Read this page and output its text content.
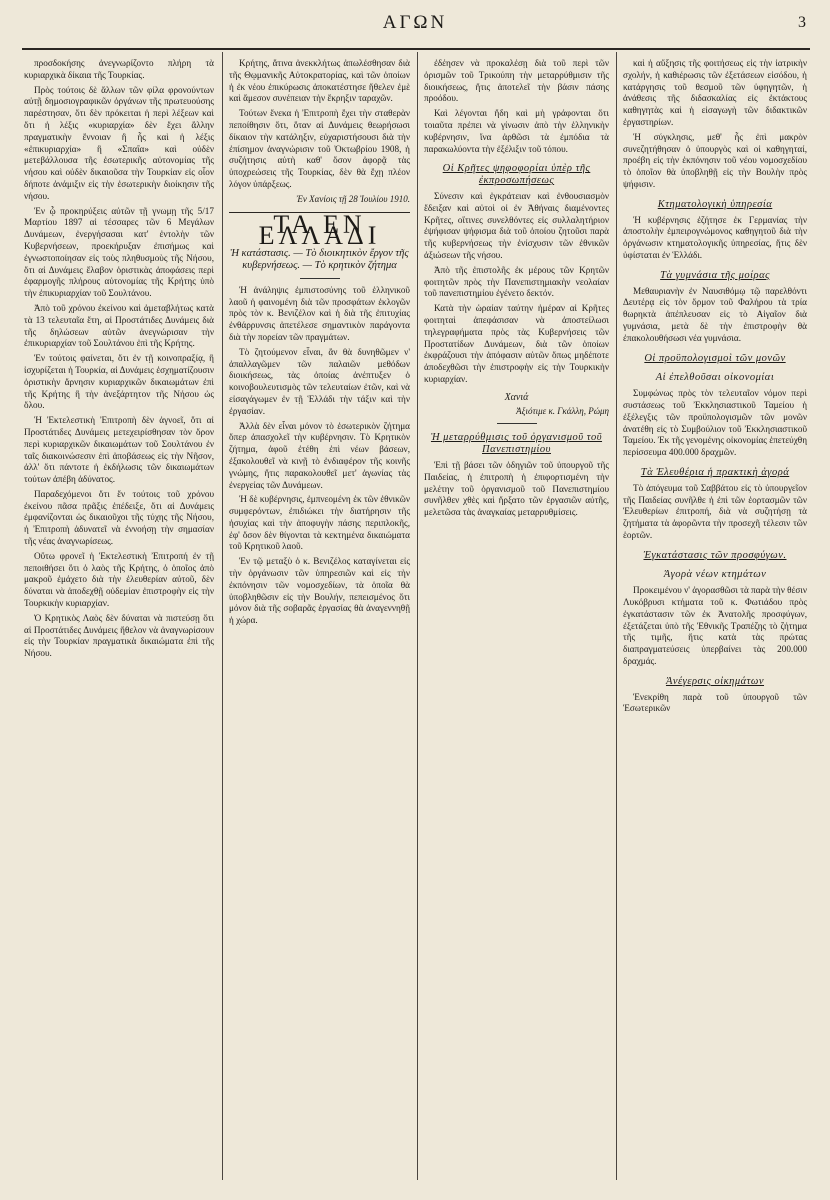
ΑΓΩΝ	3

προσδοκήσης ἀνεγνωρίζοντο πλήρη τὰ κυριαρχικὰ δίκαια τῆς Τουρκίας.

Πρὸς τούτοις δὲ ἄλλων τῶν φίλα φρονούντων αὐτῇ δημοσιογραφικῶν ὀργάνων τῆς πρωτευούσης παρέστησαν, ὅτι δὲν πρόκειται ἡ περὶ λέξεων καὶ ὅτι ἡ λέξις «κυριαρχία» δὲν ἔχει ἄλλην πραγματικὴν ἔννοιαν ἢ ἧς καὶ ἡ λέξις «ἐπικυριαρχία» ἢ «Σπαΐα» καὶ οὐδὲν μετεβάλλουσα τῆς ἐσωτερικῆς αὐτονομίας τῆς νήσου καὶ οὐδὲν δικαιοῦσα τὴν Τουρκίαν εἰς οἷον δήποτε ἀνάμιξιν εἰς τὴν ἐσωτερικὴν διοίκησιν τῆς νήσου.

Ἐν ᾧ προκηρύξεις αὐτῶν τῇ γνωμῃ τῆς 5/17 Μαρτίου 1897 αἱ τέσσαρες τῶν 6 Μεγάλων Δυνάμεων, ἐνεργήσασαι κατ' ἐντολὴν τῶν Κυβερνήσεων, προεκήρυξαν ἐπισήμως καὶ ἐγνωστοποίησαν εἰς τοὺς πληθυσμοὺς τῆς Νήσου, ὅτι αἱ Δυνάμεις ἔλαβον ὁριστικὰς ἀποφάσεις περὶ ἐφαρμογῆς πλήρους αὐτονομίας τῆς Κρήτης ὑπὸ τὴν ἐπικυριαρχίαν τοῦ Σουλτάνου.

Ἀπὸ τοῦ χρόνου ἐκείνου καὶ ἀμεταβλήτως κατὰ τὰ 13 τελευταῖα ἔτη, αἱ Προστάτιδες Δυνάμεις διὰ τῆς δηλώσεων αὐτῶν ἀνεγνώρισαν τὴν ἐπικυριαρχίαν τοῦ Σουλτάνου ἐπὶ τῆς Κρήτης.

Ἐν τούτοις φαίνεται, ὅτι ἐν τῇ κοινοπραξίᾳ, ἢ ἰσχυρίζεται ἡ Τουρκία, αἱ Δυνάμεις ἐσχηματίζουσιν ὁριστικὴν ἄρνησιν κυριαρχικῶν δικαιωμάτων ἐπὶ τῆς Κρήτης ἢ τὴν ἀνεξάρτητον τῆς Νήσου ὡς ὅλου.

Ἡ Ἐκτελεστικὴ Ἐπιτροπὴ δὲν ἀγνοεῖ, ὅτι αἱ Προστάτιδες Δυνάμεις μετεχειρίσθησαν τὸν ὅρον περὶ κυριαρχικῶν δικαιωμάτων τοῦ Σουλτάνου ἐν ταῖς διακοινώσεσιν ἐπὶ ἀποβάσεως εἰς τὴν Νῆσον, ἀλλ' ὅτι πάντοτε ἡ ἐκδήλωσις τῶν δικαιωμάτων τούτων ἀπέβη ἀδύνατος.

Παραδεχόμενοι ὅτι ἔν τούτοις τοῦ χρόνου ἐκείνου πᾶσα πρᾶξις ἐπέδειξε, ὅτι αἱ Δυνάμεις ἐμφανίζονται ὡς δικαιοῦχοι τῆς τύχης τῆς Νήσου, ἡ Ἐπιτροπὴ ἀδυνατεῖ νὰ ἐννοήσῃ τὴν σημασίαν τῆς νέας ἀναγνωρίσεως.

Οὕτω φρονεῖ ἡ Ἐκτελεστικὴ Ἐπιτροπή ἐν τῇ πεποιθήσει ὅτι ὁ λαὸς τῆς Κρήτης, ὁ ὁποῖος ἀπὸ μακροῦ ἐμάχετο διὰ τὴν ἐλευθερίαν αὐτοῦ, δὲν δύναται νὰ ἀποδεχθῇ οὐδεμίαν ἐπιστροφὴν εἰς τὴν Τουρκικὴν κυριαρχίαν.

Ὁ Κρητικὸς Λαὸς δὲν δύναται νὰ πιστεύσῃ ὅτι αἱ Προστάτιδες Δυνάμεις ἤθελον νὰ ἀναγνωρίσουν εἰς τὴν Τουρκίαν πραγματικὰ δικαιώματα ἐπὶ τῆς Νήσου.

Κρήτης, ἅτινα ἀνεκκλήτως ἀπωλέσθησαν διὰ τῆς Θῳμανικῆς Αὐτοκρατορίας, καὶ τῶν ὁποίων ἡ ἐκ νέου ἐπικύρωσις ἀποκατέστησε ἤθελεν ἐμὲ καὶ ἄμεσον συνέπειαν τὴν ἔκρηξιν ταραχῶν.

Τούτων ἕνεκα ἡ Ἐπιτροπὴ ἔχει τὴν σταθερὰν πεποίθησιν ὅτι, ὅταν αἱ Δυνάμεις θεωρήσωσι δίκαιον τὴν κατάληξιν, εὐχαριστήσουσι διὰ τὴν ἐπίσημον ἀναγνώρισιν τοῦ Ὀκτωβρίου 1908, ἡ συζήτησις αὐτὴ καθ' ὅσον ἀφορᾷ τὰς ὑποχρεώσεις τῆς Τουρκίας, δὲν θὰ ἔχῃ πλέον λόγον ὑπάρξεως.

Ἐν Χανίοις τῇ 28 Ἰουλίου 1910.
ΤΑ ΕΝ ΕΛΛΑΔΙ
Ἡ κατάστασις. — Τὸ διοικητικὸν ἔργον τῆς κυβερνήσεως. — Τὸ κρητικὸν ζήτημα

Ἡ ἀνάληψις ἐμπιστοσύνης τοῦ ἑλληνικοῦ λαοῦ ἡ φαινομένη διὰ τῶν προσφάτων ἐκλογῶν πρὸς τὸν κ. Βενιζέλον καὶ ἡ διὰ τῆς ἐπιτυχίας ἐνθάρρυνσις ἀπετέλεσε σημαντικὸν παράγοντα διὰ τὴν πορείαν τῶν πραγμάτων.

Τὸ ζητούμενον εἶναι, ἂν θὰ δυνηθῶμεν ν' ἀπαλλαγῶμεν τῶν παλαιῶν μεθόδων διοικήσεως, τὰς ὁποίας ἀνέπτυξεν ὁ κοινοβουλευτισμὸς τῶν τελευταίων ἐτῶν, καὶ νὰ εἰσαγάγωμεν ἐν τῇ Ἑλλάδι τὴν τάξιν καὶ τὴν ἐργασίαν.

Ἀλλὰ δὲν εἶναι μόνον τὸ ἐσωτερικὸν ζήτημα ὅπερ ἀπασχολεῖ τὴν κυβέρνησιν. Τὸ Κρητικὸν ζήτημα, ἀφοῦ ἐτέθη ἐπὶ νέων βάσεων, ἐξακολουθεῖ νὰ κινῇ τὸ ἐνδιαφέρον τῆς κοινῆς γνώμης, ἥτις παρακολουθεῖ μετ' ἀγωνίας τὰς ἐνεργείας τῶν Δυνάμεων.

Ἡ δὲ κυβέρνησις, ἐμπνεομένη ἐκ τῶν ἐθνικῶν συμφερόντων, ἐπιδιώκει τὴν διατήρησιν τῆς ἡσυχίας καὶ τὴν ἀποφυγὴν πάσης περιπλοκῆς, ἐφ' ὅσον δὲν θίγονται τὰ κεκτημένα δικαιώματα τοῦ Κρητικοῦ λαοῦ.

Ἐν τῷ μεταξὺ ὁ κ. Βενιζέλος καταγίνεται εἰς τὴν ὀργάνωσιν τῶν ὑπηρεσιῶν καὶ εἰς τὴν ἐκπόνησιν τῶν νομοσχεδίων, τὰ ὁποῖα θὰ ὑποβληθῶσιν εἰς τὴν Βουλήν, πεπεισμένος ὅτι μόνον διὰ τῆς σοβαρᾶς ἐργασίας θὰ ἀναγεννηθῇ ἡ χώρα.

ἐδέησεν νὰ προκαλέσῃ διὰ τοῦ περὶ τῶν ὁρισμῶν τοῦ Τρικούπη τὴν μεταρρύθμισιν τῆς διοικήσεως, ἥτις ἀποτελεῖ τὴν βάσιν πάσης προόδου.

Καὶ λέγονται ἤδη καὶ μὴ γράφονται ὅτι τοιαῦτα πρέπει νὰ γίνωσιν ἀπὸ τὴν ἑλληνικὴν κυβέρνησιν, ἵνα ἀρθῶσι τὰ ἐμπόδια τὰ παρακωλύοντα τὴν ἐξέλιξιν τοῦ τόπου.

Οἱ Κρῆτες ψηφοφορίαι ὑπὲρ τῆς ἐκπροσωπήσεως

Σύνεσιν καὶ ἐγκράτειαν καὶ ἐνθουσιασμὸν ἔδειξαν καὶ αὐτοὶ οἱ ἐν Ἀθήναις διαμένοντες Κρῆτες, οἵτινες συνελθόντες εἰς συλλαλητήριον ἐψήφισαν ψήφισμα διὰ τοῦ ὁποίου ζητοῦσι παρὰ τῆς κυβερνήσεως τὴν ἐνίσχυσιν τῶν ἐθνικῶν ἀξιώσεων τῆς νήσου.

Ἀπὸ τῆς ἐπιστολῆς ἐκ μέρους τῶν Κρητῶν φοιτητῶν πρὸς τὴν Πανεπιστημιακὴν νεολαίαν τοῦ πανεπιστημίου ἐγένετο δεκτόν.

Κατὰ τὴν ὡραίαν ταύτην ἡμέραν αἱ Κρῆτες φοιτηταὶ ἀπεφάσισαν νὰ ἀποστείλωσι τηλεγραφήματα πρὸς τὰς Κυβερνήσεις τῶν Προστατίδων Δυνάμεων, διὰ τῶν ὁποίων ἐκφράζουσι τὴν ἀπόφασιν αὐτῶν ὅπως μηδέποτε ἀποδεχθῶσι τὴν ἐπιστροφὴν εἰς τὴν Τουρκικὴν κυριαρχίαν.

Χανιά
Ἀξιότιμε κ. Γκάλλη, Ρώμη
Ἡ μεταρρύθμισις τοῦ ὀργανισμοῦ τοῦ Πανεπιστημίου

Ἐπὶ τῇ βάσει τῶν ὁδηγιῶν τοῦ ὑπουργοῦ τῆς Παιδείας, ἡ ἐπιτροπὴ ἡ ἐπιφορτισμένη τὴν μελέτην τοῦ ὀργανισμοῦ τοῦ Πανεπιστημίου συνῆλθεν χθὲς καὶ ἤρξατο τῶν ἐργασιῶν αὐτῆς, μελετῶσα τὰς ἀναγκαίας μεταρρυθμίσεις.

καὶ ἡ αὔξησις τῆς φοιτήσεως εἰς τὴν ἰατρικὴν σχολήν, ἡ καθιέρωσις τῶν ἐξετάσεων εἰσόδου, ἡ κατάργησις τοῦ θεσμοῦ τῶν ὑφηγητῶν, ἡ ἀνάθεσις τῆς διδασκαλίας εἰς ἐκτάκτους καθηγητὰς καὶ ἡ εἰσαγωγὴ τῶν διδακτικῶν ἐργαστηρίων.

Ἡ σύγκλησις, μεθ' ἧς ἐπὶ μακρὸν συνεζητήθησαν ὁ ὑπουργὸς καὶ οἱ καθηγηταί, προέβη εἰς τὴν ἐκπόνησιν τοῦ νέου νομοσχεδίου τὸ ὁποῖον θὰ ὑποβληθῇ εἰς τὴν Βουλὴν πρὸς ψήφισιν.

Κτηματολογικὴ ὑπηρεσία

Ἡ κυβέρνησις ἐζήτησε ἐκ Γερμανίας τὴν ἀποστολὴν ἐμπειρογνώμονος καθηγητοῦ διὰ τὴν ὀργάνωσιν κτηματολογικῆς ὑπηρεσίας, ἥτις δὲν ὑφίσταται ἐν Ἑλλάδι.

Τὰ γυμνάσια τῆς μοίρας

Μεθαυριανὴν ἐν Ναυσιθόμῳ τῷ παρελθόντι Δευτέρᾳ εἰς τὸν ὅρμον τοῦ Φαλήρου τὰ τρία θωρηκτὰ ἀπέπλευσαν εἰς τὸ Αἰγαῖον διὰ γυμνάσια, μετὰ δὲ τὴν ἐπιστροφὴν θὰ ἐπακολουθήσωσι νέα γυμνάσια.

Οἱ προϋπολογισμοὶ τῶν μονῶν
Αἱ ἐπελθοῦσαι οἰκονομίαι

Συμφώνως πρὸς τὸν τελευταῖον νόμον περὶ συστάσεως τοῦ Ἐκκλησιαστικοῦ Ταμείου ἡ ἐξέλεγξις τῶν προϋπολογισμῶν τῶν μονῶν ἀνατέθη εἰς τὸ Συμβούλιον τοῦ Ἐκκλησιαστικοῦ Ταμείου. Ἐκ τῆς γενομένης οἰκονομίας ἐπετεύχθη περίσσευμα 400.000 δραχμῶν.

Τὰ Ἐλευθέρια ἡ πρακτικὴ ἀγορά

Τὸ ἀπόγευμα τοῦ Σαββάτου εἰς τὸ ὑπουργεῖον τῆς Παιδείας συνῆλθε ἡ ἐπὶ τῶν ἐορτασμῶν τῶν Ἐλευθερίων ἐπιτροπή, διὰ νὰ συζητήσῃ τὰ ζητήματα τὰ ἀφορῶντα τὴν προσεχῆ τέλεσιν τῶν ἑορτῶν.

Ἐγκατάστασις τῶν προσφύγων.
Ἀγορὰ νέων κτημάτων

Προκειμένου ν' ἀγορασθῶσι τὰ παρὰ τὴν θέσιν Λυκόβρυσι κτήματα τοῦ κ. Φωτιάδου πρὸς ἐγκατάστασιν τῶν ἐκ Ἀνατολῆς προσφύγων, ἐξετάζεται ὑπὸ τῆς Ἐθνικῆς Τραπέζης τὸ ζήτημα τῆς τιμῆς, ἥτις κατὰ τὰς πρώτας διαπραγματεύσεις ὑπερβαίνει τὰς 200.000 δραχμάς.

Ἀνέγερσις οἰκημάτων

Ἐνεκρίθη παρὰ τοῦ ὑπουργοῦ τῶν Ἐσωτερικῶν
